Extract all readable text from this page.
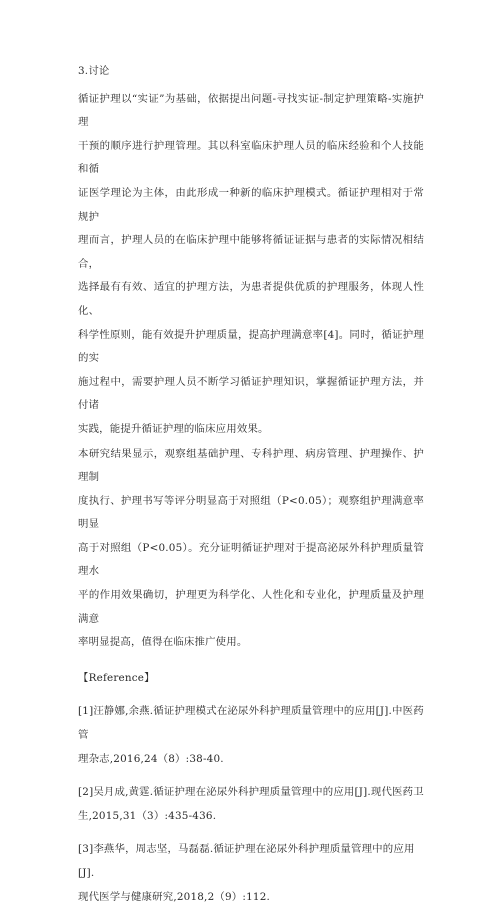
3.讨论
循证护理以“实证”为基础，依据提出问题-寻找实证-制定护理策略-实施护理
干预的顺序进行护理管理。其以科室临床护理人员的临床经验和个人技能和循
证医学理论为主体，由此形成一种新的临床护理模式。循证护理相对于常规护
理而言，护理人员的在临床护理中能够将循证证据与患者的实际情况相结合，
选择最有有效、适宜的护理方法，为患者提供优质的护理服务，体现人性化、
科学性原则，能有效提升护理质量，提高护理满意率[4]。同时，循证护理的实
施过程中，需要护理人员不断学习循证护理知识，掌握循证护理方法，并付诸
实践，能提升循证护理的临床应用效果。
本研究结果显示，观察组基础护理、专科护理、病房管理、护理操作、护理制
度执行、护理书写等评分明显高于对照组（P<0.05）；观察组护理满意率明显
高于对照组（P<0.05）。充分证明循证护理对于提高泌尿外科护理质量管理水
平的作用效果确切，护理更为科学化、人性化和专业化，护理质量及护理满意
率明显提高，值得在临床推广使用。
【Reference】
[1]汪静娜,余燕.循证护理模式在泌尿外科护理质量管理中的应用[J].中医药管
理杂志,2016,24（8）:38-40.
[2]吴月成,黄霆.循证护理在泌尿外科护理质量管理中的应用[J].现代医药卫
生,2015,31（3）:435-436.
[3]李燕华，周志坚，马磊磊.循证护理在泌尿外科护理质量管理中的应用[J].
现代医学与健康研究,2018,2（9）:112.
